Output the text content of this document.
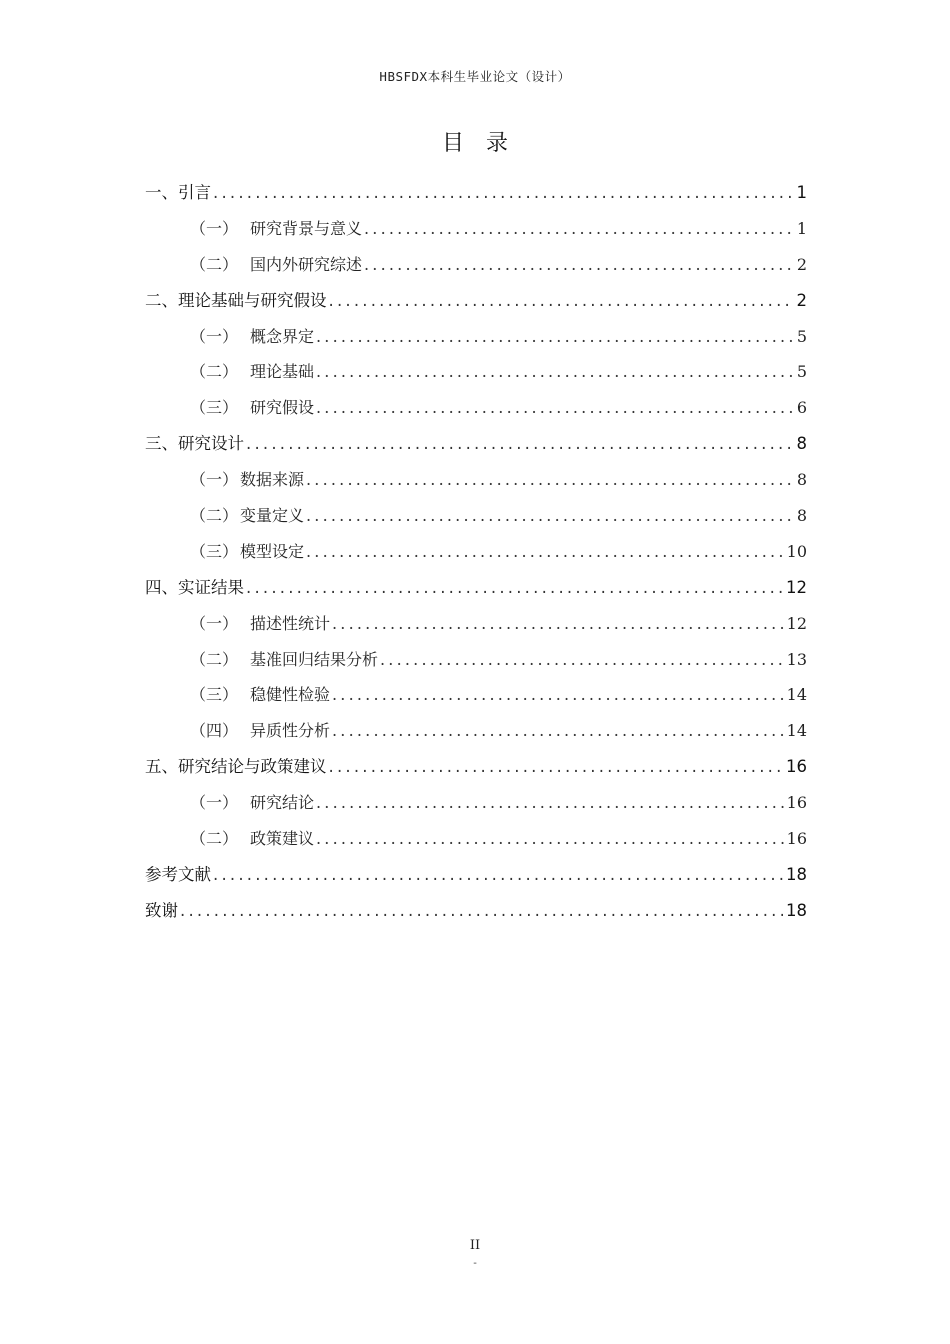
HBSFDX本科生毕业论文（设计）
目录
一、引言 .....	1
（一） 研究背景与意义 .....	1
（二） 国内外研究综述 .....	2
二、理论基础与研究假设 .....	2
（一） 概念界定 .....	5
（二） 理论基础 .....	5
（三） 研究假设 .....	6
三、研究设计 .....	8
（一） 数据来源 .....	8
（二） 变量定义 .....	8
（三） 模型设定 .....	10
四、实证结果 .....	12
（一） 描述性统计 .....	12
（二） 基准回归结果分析 .....	13
（三） 稳健性检验 .....	14
（四） 异质性分析 .....	14
五、研究结论与政策建议 .....	16
（一） 研究结论 .....	16
（二） 政策建议 .....	16
参考文献 .....	18
致谢 .....	18
II
-
